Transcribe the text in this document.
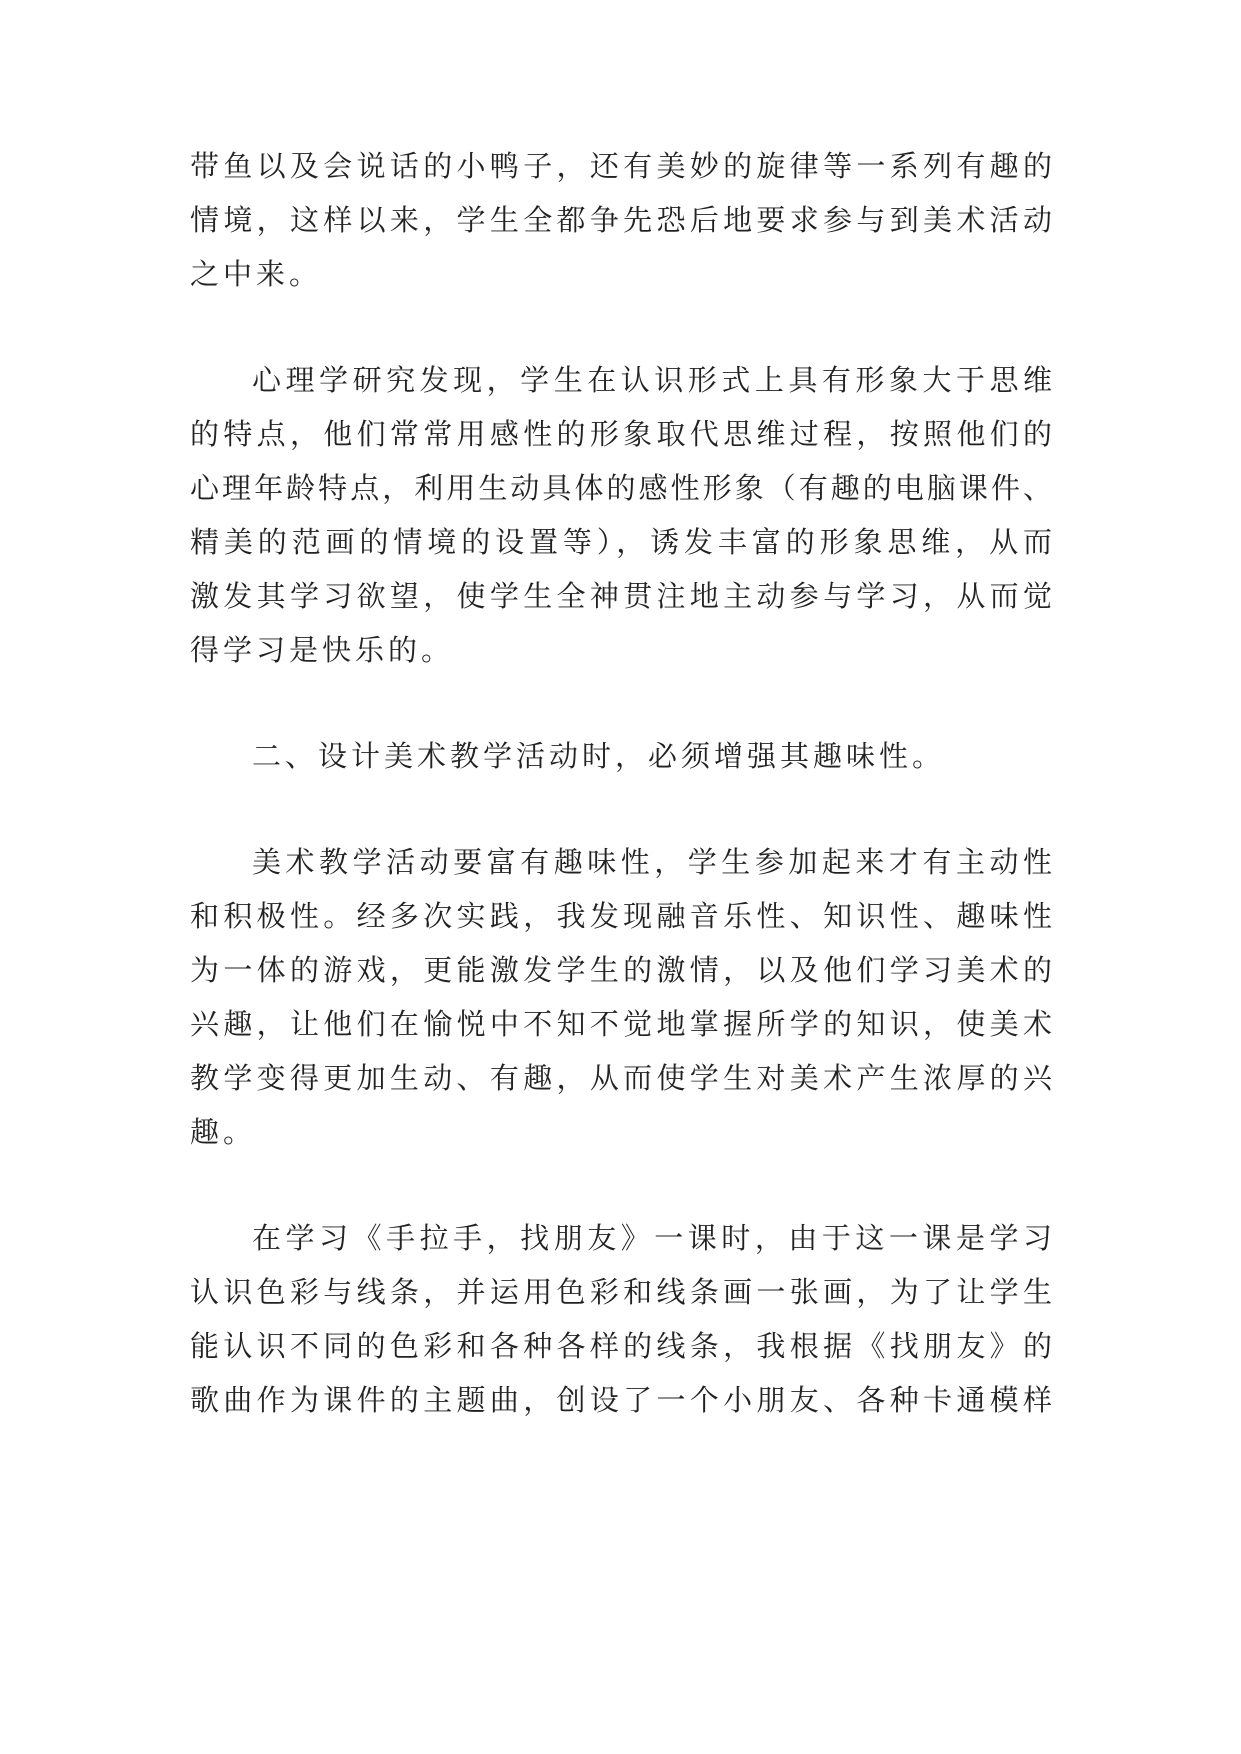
带鱼以及会说话的小鸭子，还有美妙的旋律等一系列有趣的
情境，这样以来，学生全都争先恐后地要求参与到美术活动
之中来。
心理学研究发现，学生在认识形式上具有形象大于思维
的特点，他们常常用感性的形象取代思维过程，按照他们的
心理年龄特点，利用生动具体的感性形象（有趣的电脑课件、
精美的范画的情境的设置等），诱发丰富的形象思维，从而
激发其学习欲望，使学生全神贯注地主动参与学习，从而觉
得学习是快乐的。
二、设计美术教学活动时，必须增强其趣味性。
美术教学活动要富有趣味性，学生参加起来才有主动性
和积极性。经多次实践，我发现融音乐性、知识性、趣味性
为一体的游戏，更能激发学生的激情，以及他们学习美术的
兴趣，让他们在愉悦中不知不觉地掌握所学的知识，使美术
教学变得更加生动、有趣，从而使学生对美术产生浓厚的兴
趣。
在学习《手拉手，找朋友》一课时，由于这一课是学习
认识色彩与线条，并运用色彩和线条画一张画，为了让学生
能认识不同的色彩和各种各样的线条，我根据《找朋友》的
歌曲作为课件的主题曲，创设了一个小朋友、各种卡通模样
